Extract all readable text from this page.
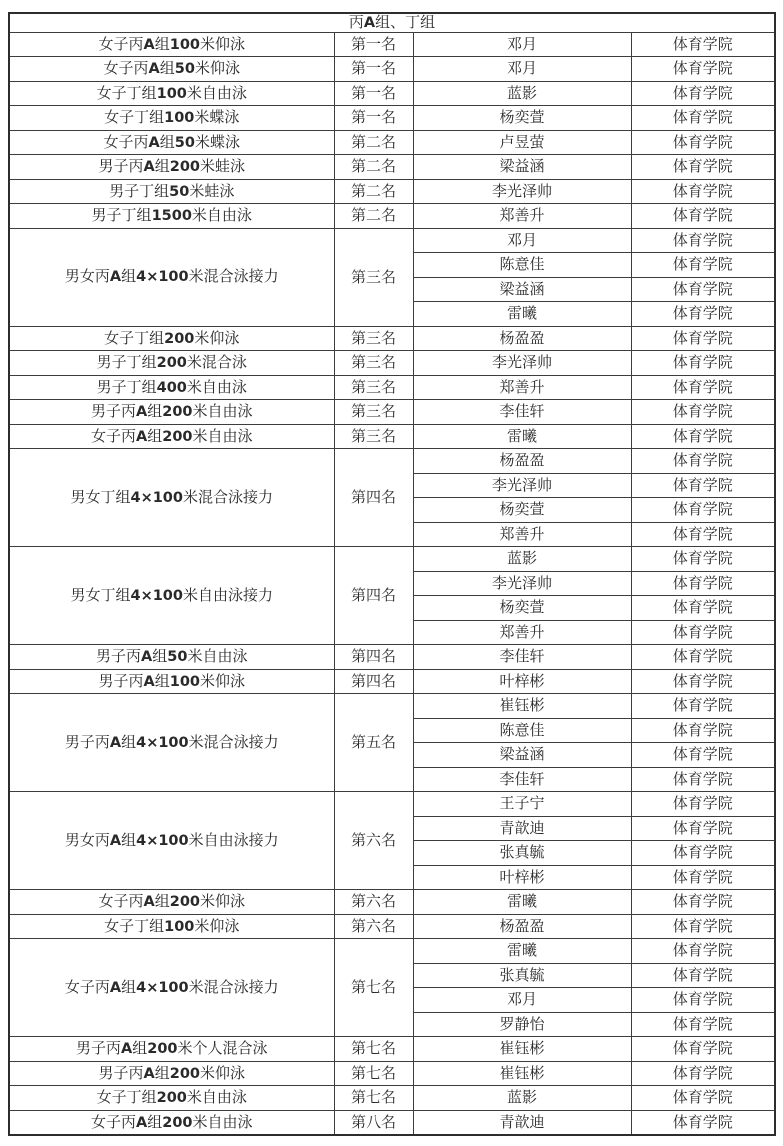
丙A组、丁组			
女子丙A组100米仰泳	第一名	邓月	体育学院
女子丙A组50米仰泳	第一名	邓月	体育学院
女子丁组100米自由泳	第一名	蓝影	体育学院
女子丁组100米蝶泳	第一名	杨奕萱	体育学院
女子丙A组50米蝶泳	第二名	卢昱萤	体育学院
男子丙A组200米蛙泳	第二名	梁益涵	体育学院
男子丁组50米蛙泳	第二名	李光泽帅	体育学院
男子丁组1500米自由泳	第二名	郑善升	体育学院
男女丙A组4×100米混合泳接力	第三名	邓月	体育学院
		陈意佳	体育学院
		梁益涵	体育学院
		雷曦	体育学院
女子丁组200米仰泳	第三名	杨盈盈	体育学院
男子丁组200米混合泳	第三名	李光泽帅	体育学院
男子丁组400米自由泳	第三名	郑善升	体育学院
男子丙A组200米自由泳	第三名	李佳轩	体育学院
女子丙A组200米自由泳	第三名	雷曦	体育学院
男女丁组4×100米混合泳接力	第四名	杨盈盈	体育学院
		李光泽帅	体育学院
		杨奕萱	体育学院
		郑善升	体育学院
男女丁组4×100米自由泳接力	第四名	蓝影	体育学院
		李光泽帅	体育学院
		杨奕萱	体育学院
		郑善升	体育学院
男子丙A组50米自由泳	第四名	李佳轩	体育学院
男子丙A组100米仰泳	第四名	叶梓彬	体育学院
男子丙A组4×100米混合泳接力	第五名	崔钰彬	体育学院
		陈意佳	体育学院
		梁益涵	体育学院
		李佳轩	体育学院
男女丙A组4×100米自由泳接力	第六名	王子宁	体育学院
		青歆迪	体育学院
		张真毓	体育学院
		叶梓彬	体育学院
女子丙A组200米仰泳	第六名	雷曦	体育学院
女子丁组100米仰泳	第六名	杨盈盈	体育学院
女子丙A组4×100米混合泳接力	第七名	雷曦	体育学院
		张真毓	体育学院
		邓月	体育学院
		罗静怡	体育学院
男子丙A组200米个人混合泳	第七名	崔钰彬	体育学院
男子丙A组200米仰泳	第七名	崔钰彬	体育学院
女子丁组200米自由泳	第七名	蓝影	体育学院
女子丙A组200米自由泳	第八名	青歆迪	体育学院
